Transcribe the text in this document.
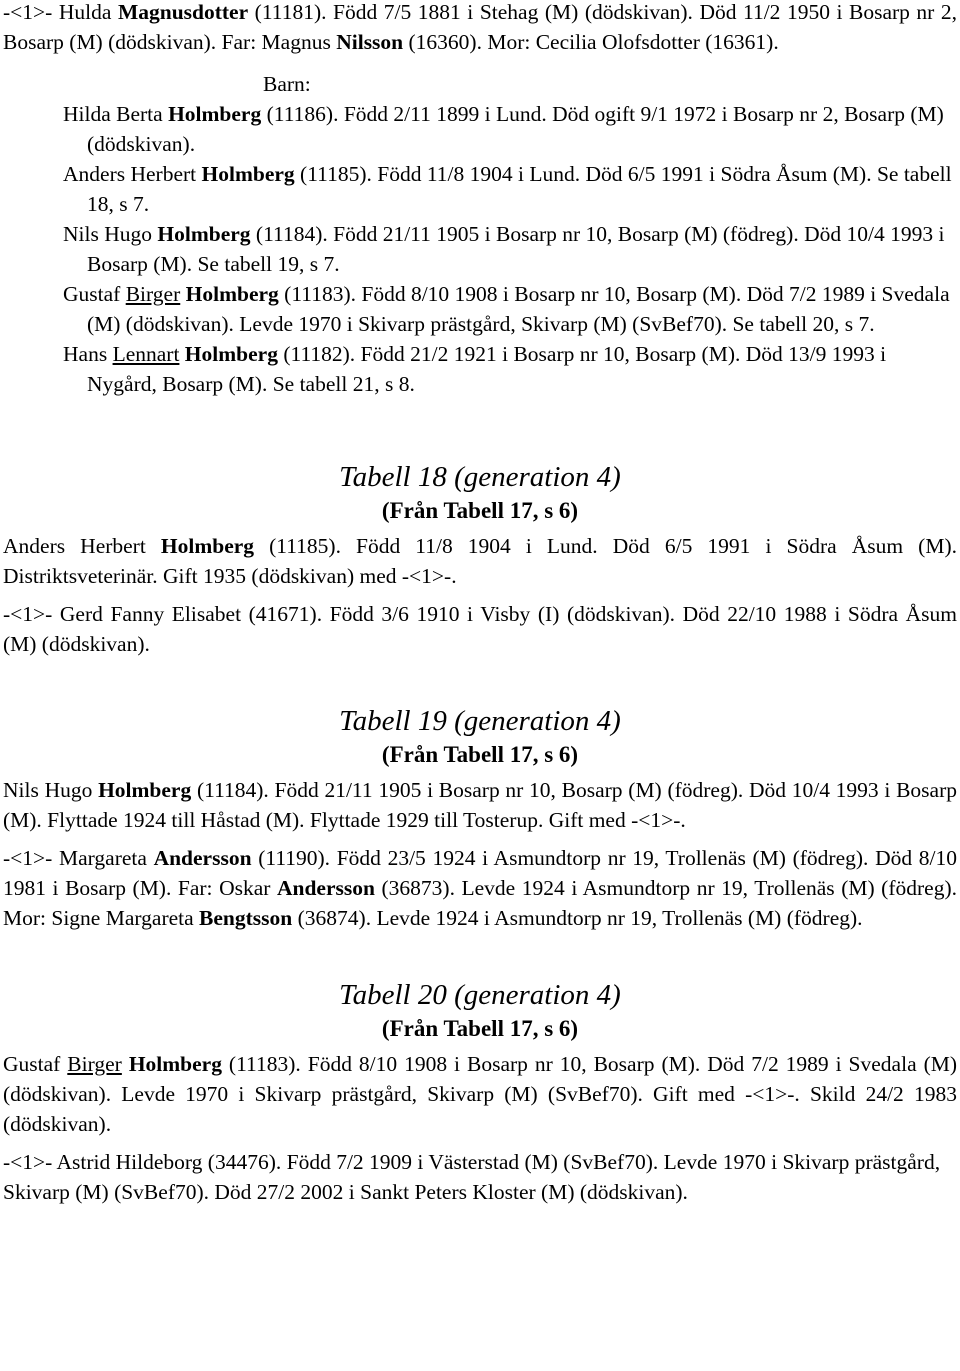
-<1>- Hulda Magnusdotter (11181). Född 7/5 1881 i Stehag (M) (dödskivan). Död 11/2 1950 i Bosarp nr 2, Bosarp (M) (dödskivan). Far: Magnus Nilsson (16360). Mor: Cecilia Olofsdotter (16361).

Barn:

Hilda Berta Holmberg (11186). Född 2/11 1899 i Lund. Död ogift 9/1 1972 i Bosarp nr 2, Bosarp (M) (dödskivan).

Anders Herbert Holmberg (11185). Född 11/8 1904 i Lund. Död 6/5 1991 i Södra Åsum (M). Se tabell 18, s 7.

Nils Hugo Holmberg (11184). Född 21/11 1905 i Bosarp nr 10, Bosarp (M) (födreg). Död 10/4 1993 i Bosarp (M). Se tabell 19, s 7.

Gustaf Birger Holmberg (11183). Född 8/10 1908 i Bosarp nr 10, Bosarp (M). Död 7/2 1989 i Svedala (M) (dödskivan). Levde 1970 i Skivarp prästgård, Skivarp (M) (SvBef70). Se tabell 20, s 7.

Hans Lennart Holmberg (11182). Född 21/2 1921 i Bosarp nr 10, Bosarp (M). Död 13/9 1993 i Nygård, Bosarp (M). Se tabell 21, s 8.

Tabell 18 (generation 4)

(Från Tabell 17, s 6)

Anders Herbert Holmberg (11185). Född 11/8 1904 i Lund. Död 6/5 1991 i Södra Åsum (M). Distriktsveterinär. Gift 1935 (dödskivan) med -<1>-.

-<1>- Gerd Fanny Elisabet (41671). Född 3/6 1910 i Visby (I) (dödskivan). Död 22/10 1988 i Södra Åsum (M) (dödskivan).

Tabell 19 (generation 4)

(Från Tabell 17, s 6)

Nils Hugo Holmberg (11184). Född 21/11 1905 i Bosarp nr 10, Bosarp (M) (födreg). Död 10/4 1993 i Bosarp (M). Flyttade 1924 till Håstad (M). Flyttade 1929 till Tosterup. Gift med -<1>-.

-<1>- Margareta Andersson (11190). Född 23/5 1924 i Asmundtorp nr 19, Trollenäs (M) (födreg). Död 8/10 1981 i Bosarp (M). Far: Oskar Andersson (36873). Levde 1924 i Asmundtorp nr 19, Trollenäs (M) (födreg). Mor: Signe Margareta Bengtsson (36874). Levde 1924 i Asmundtorp nr 19, Trollenäs (M) (födreg).

Tabell 20 (generation 4)

(Från Tabell 17, s 6)

Gustaf Birger Holmberg (11183). Född 8/10 1908 i Bosarp nr 10, Bosarp (M). Död 7/2 1989 i Svedala (M) (dödskivan). Levde 1970 i Skivarp prästgård, Skivarp (M) (SvBef70). Gift med -<1>-. Skild 24/2 1983 (dödskivan).

-<1>- Astrid Hildeborg (34476). Född 7/2 1909 i Västerstad (M) (SvBef70). Levde 1970 i Skivarp prästgård, Skivarp (M) (SvBef70). Död 27/2 2002 i Sankt Peters Kloster (M) (dödskivan).
